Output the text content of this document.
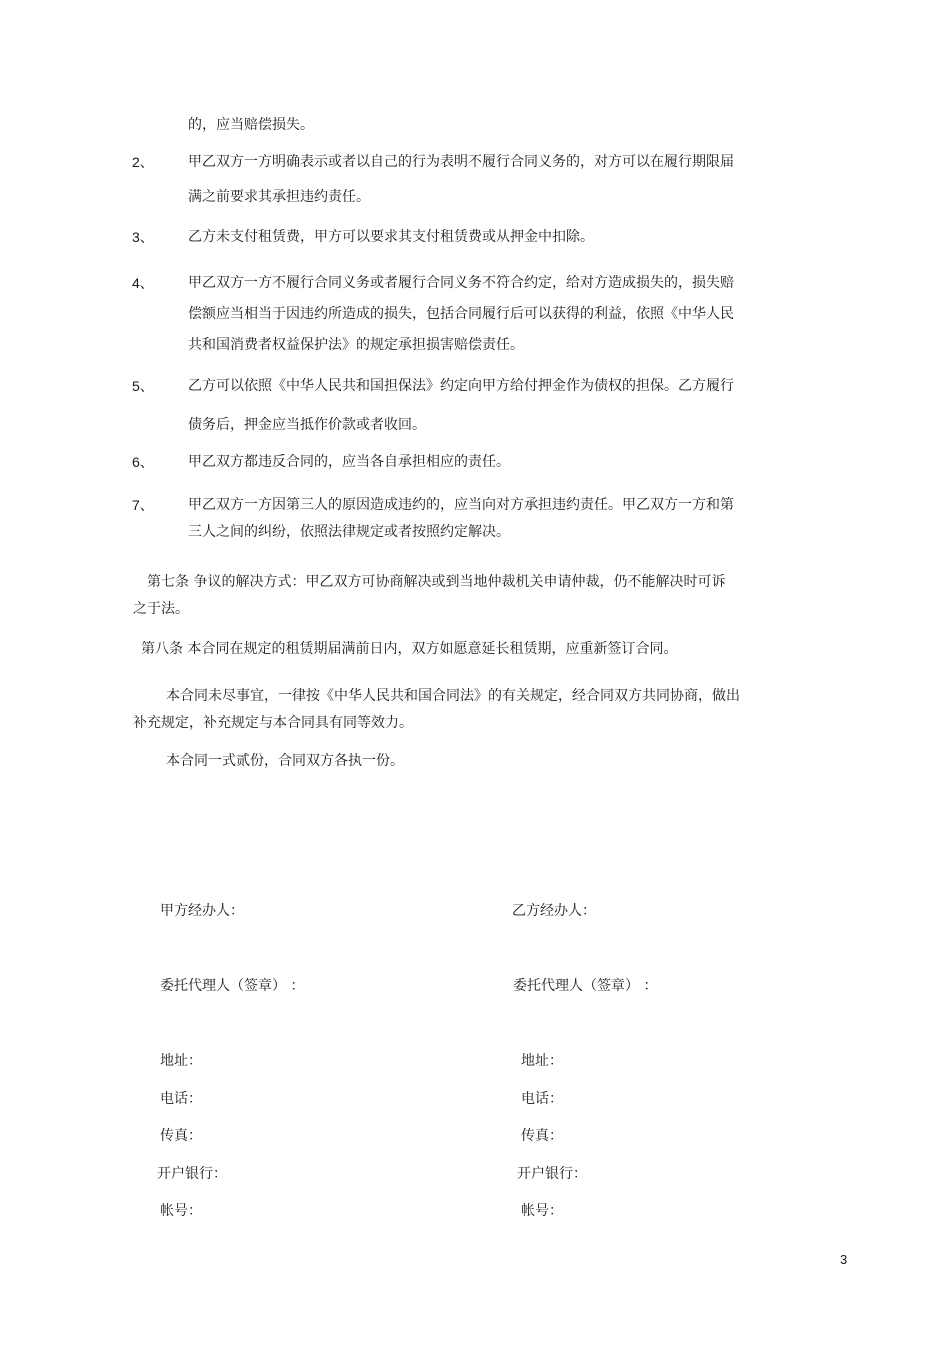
的，应当赔偿损失。
2、 甲乙双方一方明确表示或者以自己的行为表明不履行合同义务的，对方可以在履行期限届
满之前要求其承担违约责任。
3、 乙方未支付租赁费，甲方可以要求其支付租赁费或从押金中扣除。
4、 甲乙双方一方不履行合同义务或者履行合同义务不符合约定，给对方造成损失的，损失赔
偿额应当相当于因违约所造成的损失，包括合同履行后可以获得的利益，依照《中华人民
共和国消费者权益保护法》的规定承担损害赔偿责任。
5、 乙方可以依照《中华人民共和国担保法》约定向甲方给付押金作为债权的担保。乙方履行
债务后，押金应当抵作价款或者收回。
6、 甲乙双方都违反合同的，应当各自承担相应的责任。
7、 甲乙双方一方因第三人的原因造成违约的，应当向对方承担违约责任。甲乙双方一方和第
三人之间的纠纷，依照法律规定或者按照约定解决。
第七条 争议的解决方式：甲乙双方可协商解决或到当地仲裁机关申请仲裁，仍不能解决时可诉
之于法。
第八条 本合同在规定的租赁期届满前日内，双方如愿意延长租赁期，应重新签订合同。
本合同未尽事宜，一律按《中华人民共和国合同法》的有关规定，经合同双方共同协商，做出
补充规定，补充规定与本合同具有同等效力。
本合同一式贰份，合同双方各执一份。
甲方经办人：
委托代理人（签章） ：
地址：
电话：
传真：
开户银行：
帐号：
乙方经办人：
委托代理人（签章） ：
地址：
电话：
传真：
开户银行：
帐号：
3
